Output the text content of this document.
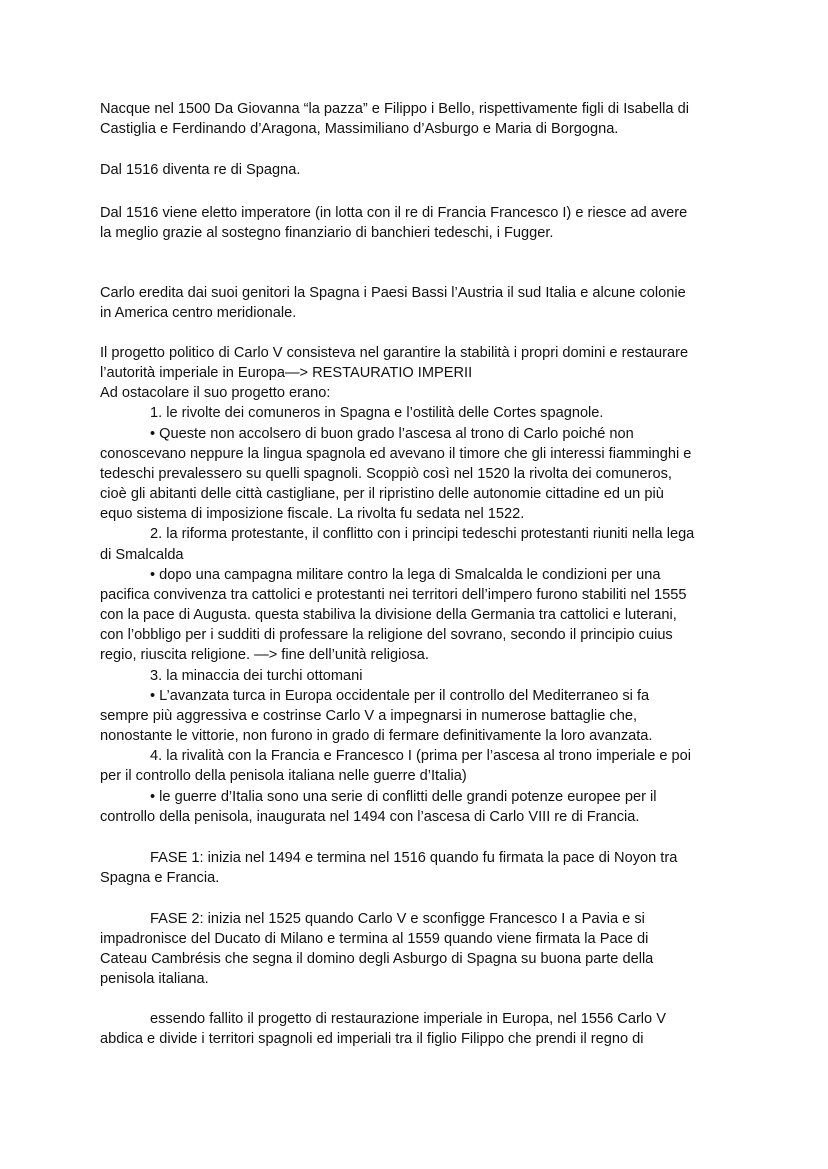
Nacque nel 1500 Da Giovanna “la pazza” e Filippo i Bello, rispettivamente figli di Isabella di
Castiglia e Ferdinando d’Aragona, Massimiliano d’Asburgo e Maria di Borgogna.
Dal 1516 diventa re di Spagna.
Dal 1516 viene eletto imperatore (in lotta con il re di Francia Francesco I) e riesce ad avere
la meglio grazie al sostegno finanziario di banchieri tedeschi, i Fugger.
Carlo eredita dai suoi genitori la Spagna i Paesi Bassi l’Austria il sud Italia e alcune colonie
in America centro meridionale.
Il progetto politico di Carlo V consisteva nel garantire la stabilità i propri domini e restaurare
l’autorità imperiale in Europa—> RESTAURATIO IMPERII
Ad ostacolare il suo progetto erano:
1. le rivolte dei comuneros in Spagna e l’ostilità delle Cortes spagnole.
• Queste non accolsero di buon grado l’ascesa al trono di Carlo poiché non
conoscevano neppure la lingua spagnola ed avevano il timore che gli interessi fiamminghi e
tedeschi prevalessero su quelli spagnoli. Scoppiò così nel 1520 la rivolta dei comuneros,
cioè gli abitanti delle città castigliane, per il ripristino delle autonomie cittadine ed un più
equo sistema di imposizione fiscale. La rivolta fu sedata nel 1522.
2. la riforma protestante, il conflitto con i principi tedeschi protestanti riuniti nella lega
di Smalcalda
• dopo una campagna militare contro la lega di Smalcalda le condizioni per una
pacifica convivenza tra cattolici e protestanti nei territori dell’impero furono stabiliti nel 1555
con la pace di Augusta. questa stabiliva la divisione della Germania tra cattolici e luterani,
con l’obbligo per i sudditi di professare la religione del sovrano, secondo il principio cuius
regio, riuscita religione. —> fine dell’unità religiosa.
3. la minaccia dei turchi ottomani
• L’avanzata turca in Europa occidentale per il controllo del Mediterraneo si fa
sempre più aggressiva e costrinse Carlo V a impegnarsi in numerose battaglie che,
nonostante le vittorie, non furono in grado di fermare definitivamente la loro avanzata.
4. la rivalità con la Francia e Francesco I (prima per l’ascesa al trono imperiale e poi
per il controllo della penisola italiana nelle guerre d’Italia)
• le guerre d’Italia sono una serie di conflitti delle grandi potenze europee per il
controllo della penisola, inaugurata nel 1494 con l’ascesa di Carlo VIII re di Francia.
FASE 1: inizia nel 1494 e termina nel 1516 quando fu firmata la pace di Noyon tra
Spagna e Francia.
FASE 2: inizia nel 1525 quando Carlo V e sconfigge Francesco I a Pavia e si
impadronisce del Ducato di Milano e termina al 1559 quando viene firmata la Pace di
Cateau Cambrésis che segna il domino degli Asburgo di Spagna su buona parte della
penisola italiana.
essendo fallito il progetto di restaurazione imperiale in Europa, nel 1556 Carlo V
abdica e divide i territori spagnoli ed imperiali tra il figlio Filippo che prendi il regno di
